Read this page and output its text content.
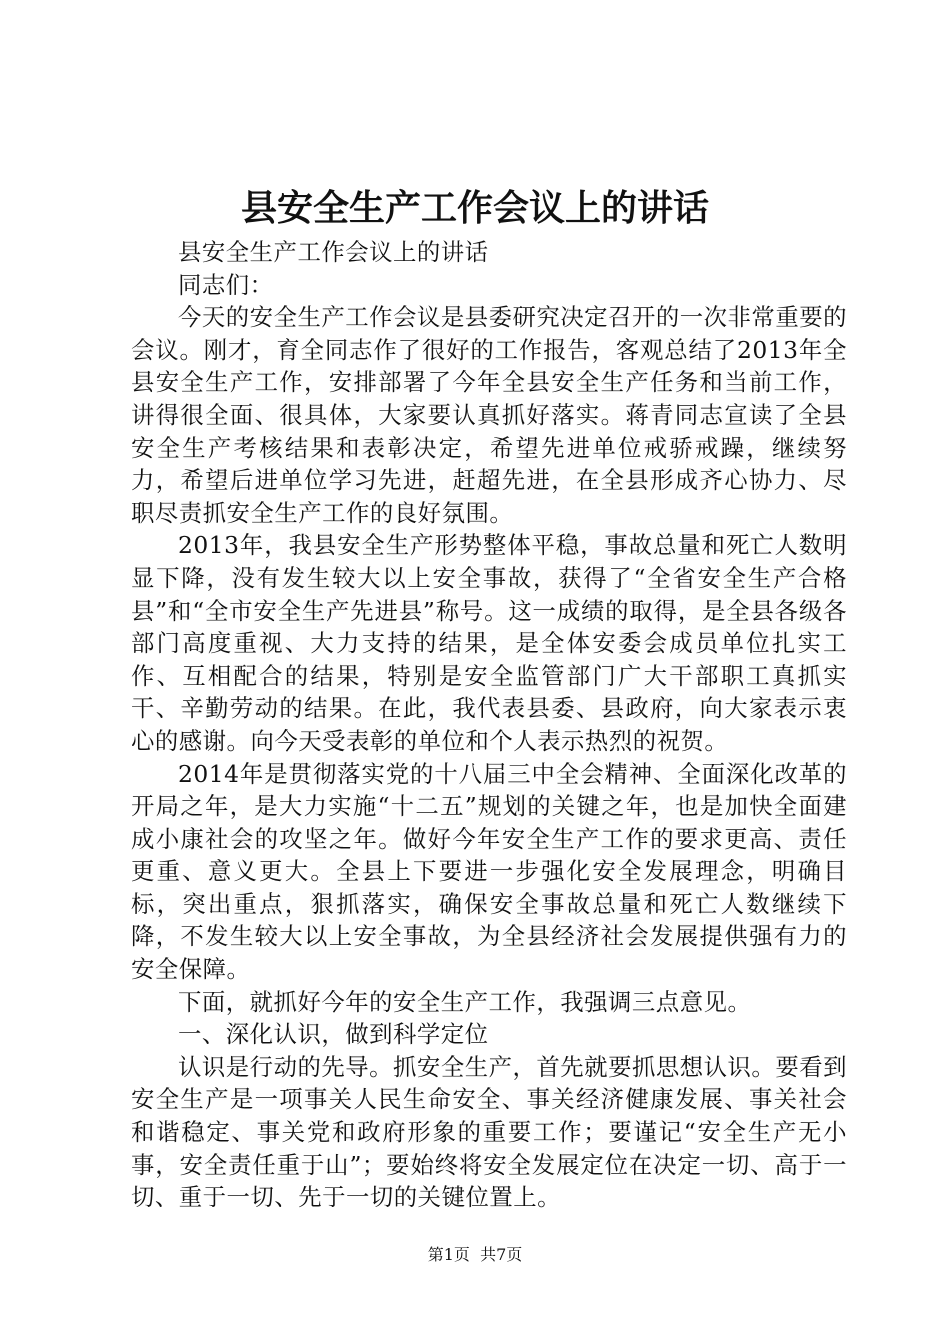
县安全生产工作会议上的讲话

县安全生产工作会议上的讲话

同志们：

今天的安全生产工作会议是县委研究决定召开的一次非常重要的会议。刚才，育全同志作了很好的工作报告，客观总结了2013年全县安全生产工作，安排部署了今年全县安全生产任务和当前工作，讲得很全面、很具体，大家要认真抓好落实。蒋青同志宣读了全县安全生产考核结果和表彰决定，希望先进单位戒骄戒躁，继续努力，希望后进单位学习先进，赶超先进，在全县形成齐心协力、尽职尽责抓安全生产工作的良好氛围。

2013年，我县安全生产形势整体平稳，事故总量和死亡人数明显下降，没有发生较大以上安全事故，获得了“全省安全生产合格县”和“全市安全生产先进县”称号。这一成绩的取得，是全县各级各部门高度重视、大力支持的结果，是全体安委会成员单位扎实工作、互相配合的结果，特别是安全监管部门广大干部职工真抓实干、辛勤劳动的结果。在此，我代表县委、县政府，向大家表示衷心的感谢。向今天受表彰的单位和个人表示热烈的祝贺。

2014年是贯彻落实党的十八届三中全会精神、全面深化改革的开局之年，是大力实施“十二五”规划的关键之年，也是加快全面建成小康社会的攻坚之年。做好今年安全生产工作的要求更高、责任更重、意义更大。全县上下要进一步强化安全发展理念，明确目标，突出重点，狠抓落实，确保安全事故总量和死亡人数继续下降，不发生较大以上安全事故，为全县经济社会发展提供强有力的安全保障。

下面，就抓好今年的安全生产工作，我强调三点意见。

一、深化认识，做到科学定位

认识是行动的先导。抓安全生产，首先就要抓思想认识。要看到安全生产是一项事关人民生命安全、事关经济健康发展、事关社会和谐稳定、事关党和政府形象的重要工作；要谨记“安全生产无小事，安全责任重于山”；要始终将安全发展定位在决定一切、高于一切、重于一切、先于一切的关键位置上。

第1页 共7页
